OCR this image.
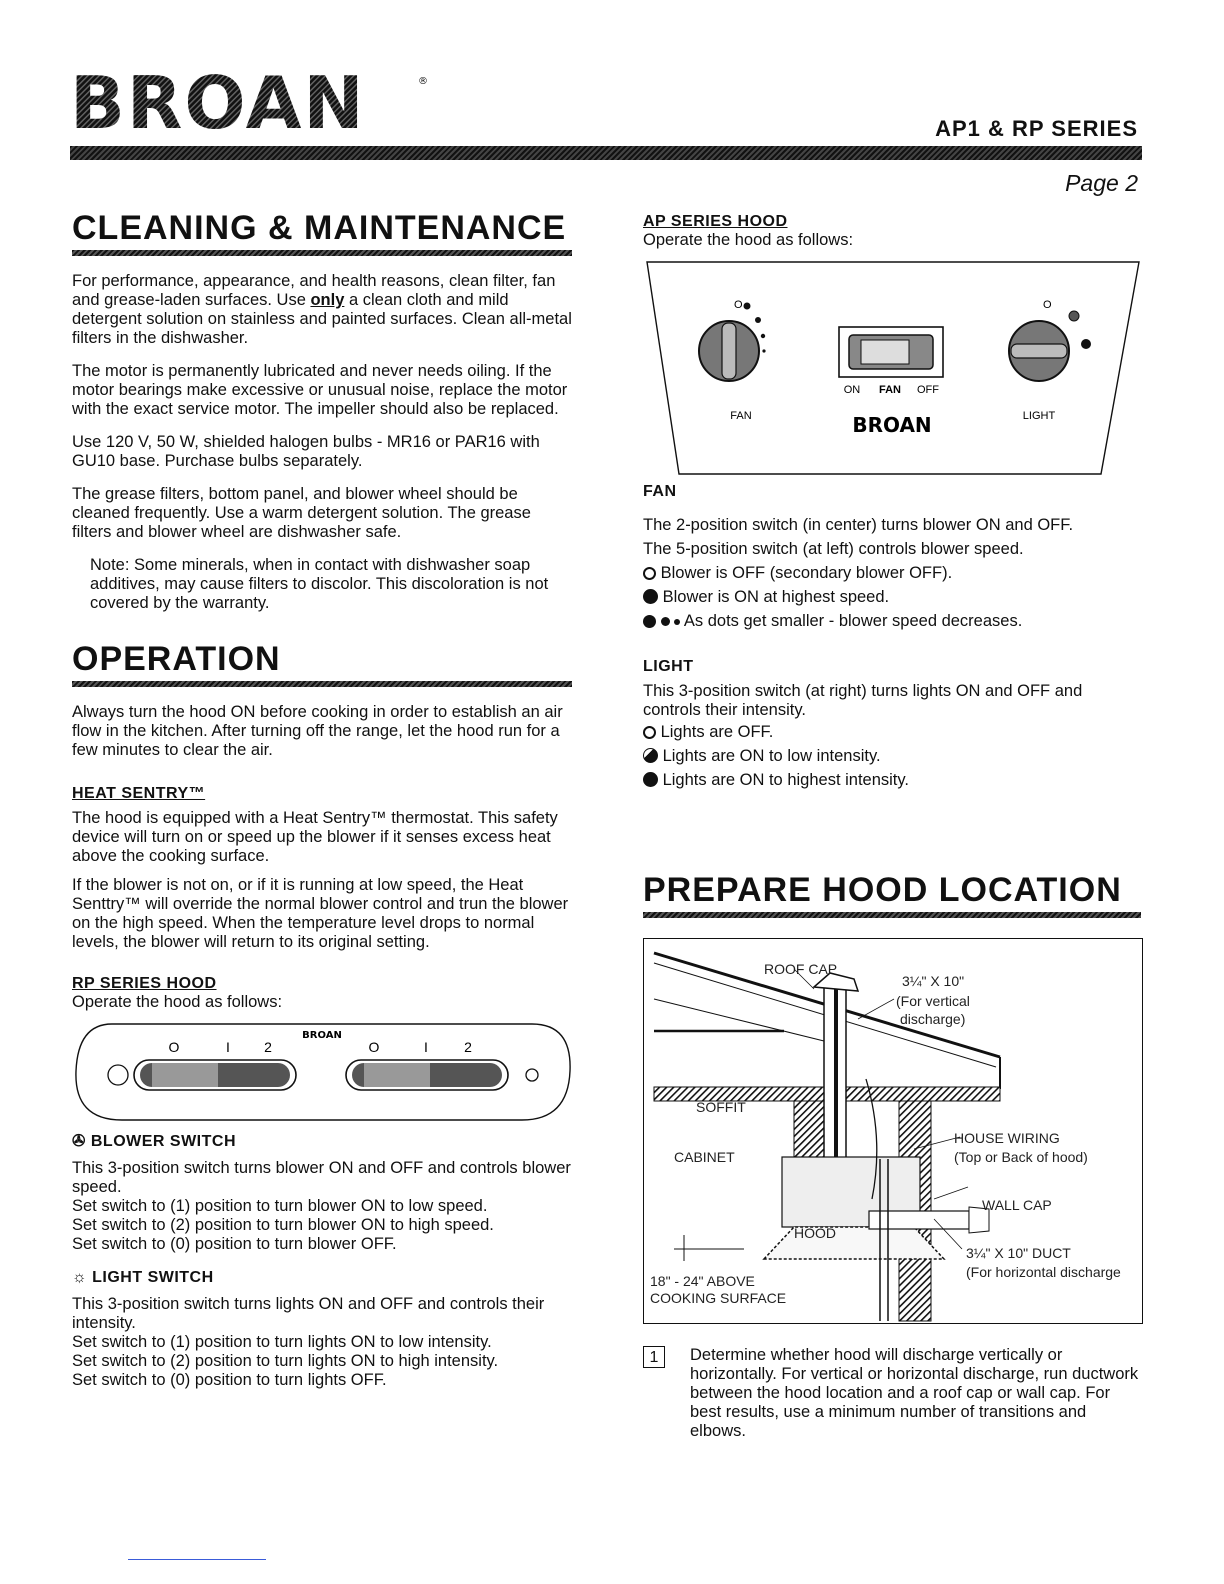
BROAN	®
AP1 & RP SERIES
Page 2
CLEANING & MAINTENANCE

For performance, appearance, and health reasons, clean filter, fan and grease-laden surfaces. Use only a clean cloth and mild detergent solution on stainless and painted surfaces. Clean all-metal filters in the dishwasher.

The motor is permanently lubricated and never needs oiling. If the motor bearings make excessive or unusual noise, replace the motor with the exact service motor. The impeller should also be replaced.

Use 120 V, 50 W, shielded halogen bulbs - MR16 or PAR16 with GU10 base. Purchase bulbs separately.

The grease filters, bottom panel, and blower wheel should be cleaned frequently. Use a warm detergent solution. The grease filters and blower wheel are dishwasher safe.

Note: Some minerals, when in contact with dishwasher soap additives, may cause filters to discolor. This discoloration is not covered by the warranty.

OPERATION

Always turn the hood ON before cooking in order to establish an air flow in the kitchen. After turning off the range, let the hood run for a few minutes to clear the air.

HEAT SENTRY™

The hood is equipped with a Heat Sentry™ thermostat. This safety device will turn on or speed up the blower if it senses excess heat above the cooking surface.

If the blower is not on, or if it is running at low speed, the Heat Senttry™ will override the normal blower control and trun the blower on the high speed. When the temperature level drops to normal levels, the blower will return to its original setting.

RP SERIES HOOD
Operate the hood as follows:
O	I 2	O	I	2
BROAN
✇ BLOWER SWITCH
This 3-position switch turns blower ON and OFF and controls blower speed.
Set switch to (1) position to turn blower ON to low speed.
Set switch to (2) position to turn blower ON to high speed.
Set switch to (0) position to turn blower OFF.
☼ LIGHT SWITCH
This 3-position switch turns lights ON and OFF and controls their intensity.
Set switch to (1) position to turn lights ON to low intensity.
Set switch to (2) position to turn lights ON to high intensity.
Set switch to (0) position to turn lights OFF.
AP SERIES HOOD
Operate the hood as follows:
O	O
FAN	LIGHT
ON FAN OFF
BROAN
FAN
The 2-position switch (in center) turns blower ON and OFF.
The 5-position switch (at left) controls blower speed.
Blower is OFF (secondary blower OFF).
Blower is ON at highest speed.
As dots get smaller - blower speed decreases.
LIGHT
This 3-position switch (at right) turns lights ON and OFF and controls their intensity.
Lights are OFF.
Lights are ON to low intensity.
Lights are ON to highest intensity.
PREPARE HOOD LOCATION
ROOF CAP
3¼" X 10"
(For vertical
discharge)
SOFFIT
CABINET
HOUSE WIRING
(Top or Back of hood)
WALL CAP
HOOD
3¼" X 10" DUCT
(For horizontal discharge
18" - 24" ABOVE
COOKING SURFACE
1	Determine whether hood will discharge vertically or horizontally. For vertical or horizontal discharge, run ductwork between the hood location and a roof cap or wall cap. For best results, use a minimum number of transitions and elbows.
